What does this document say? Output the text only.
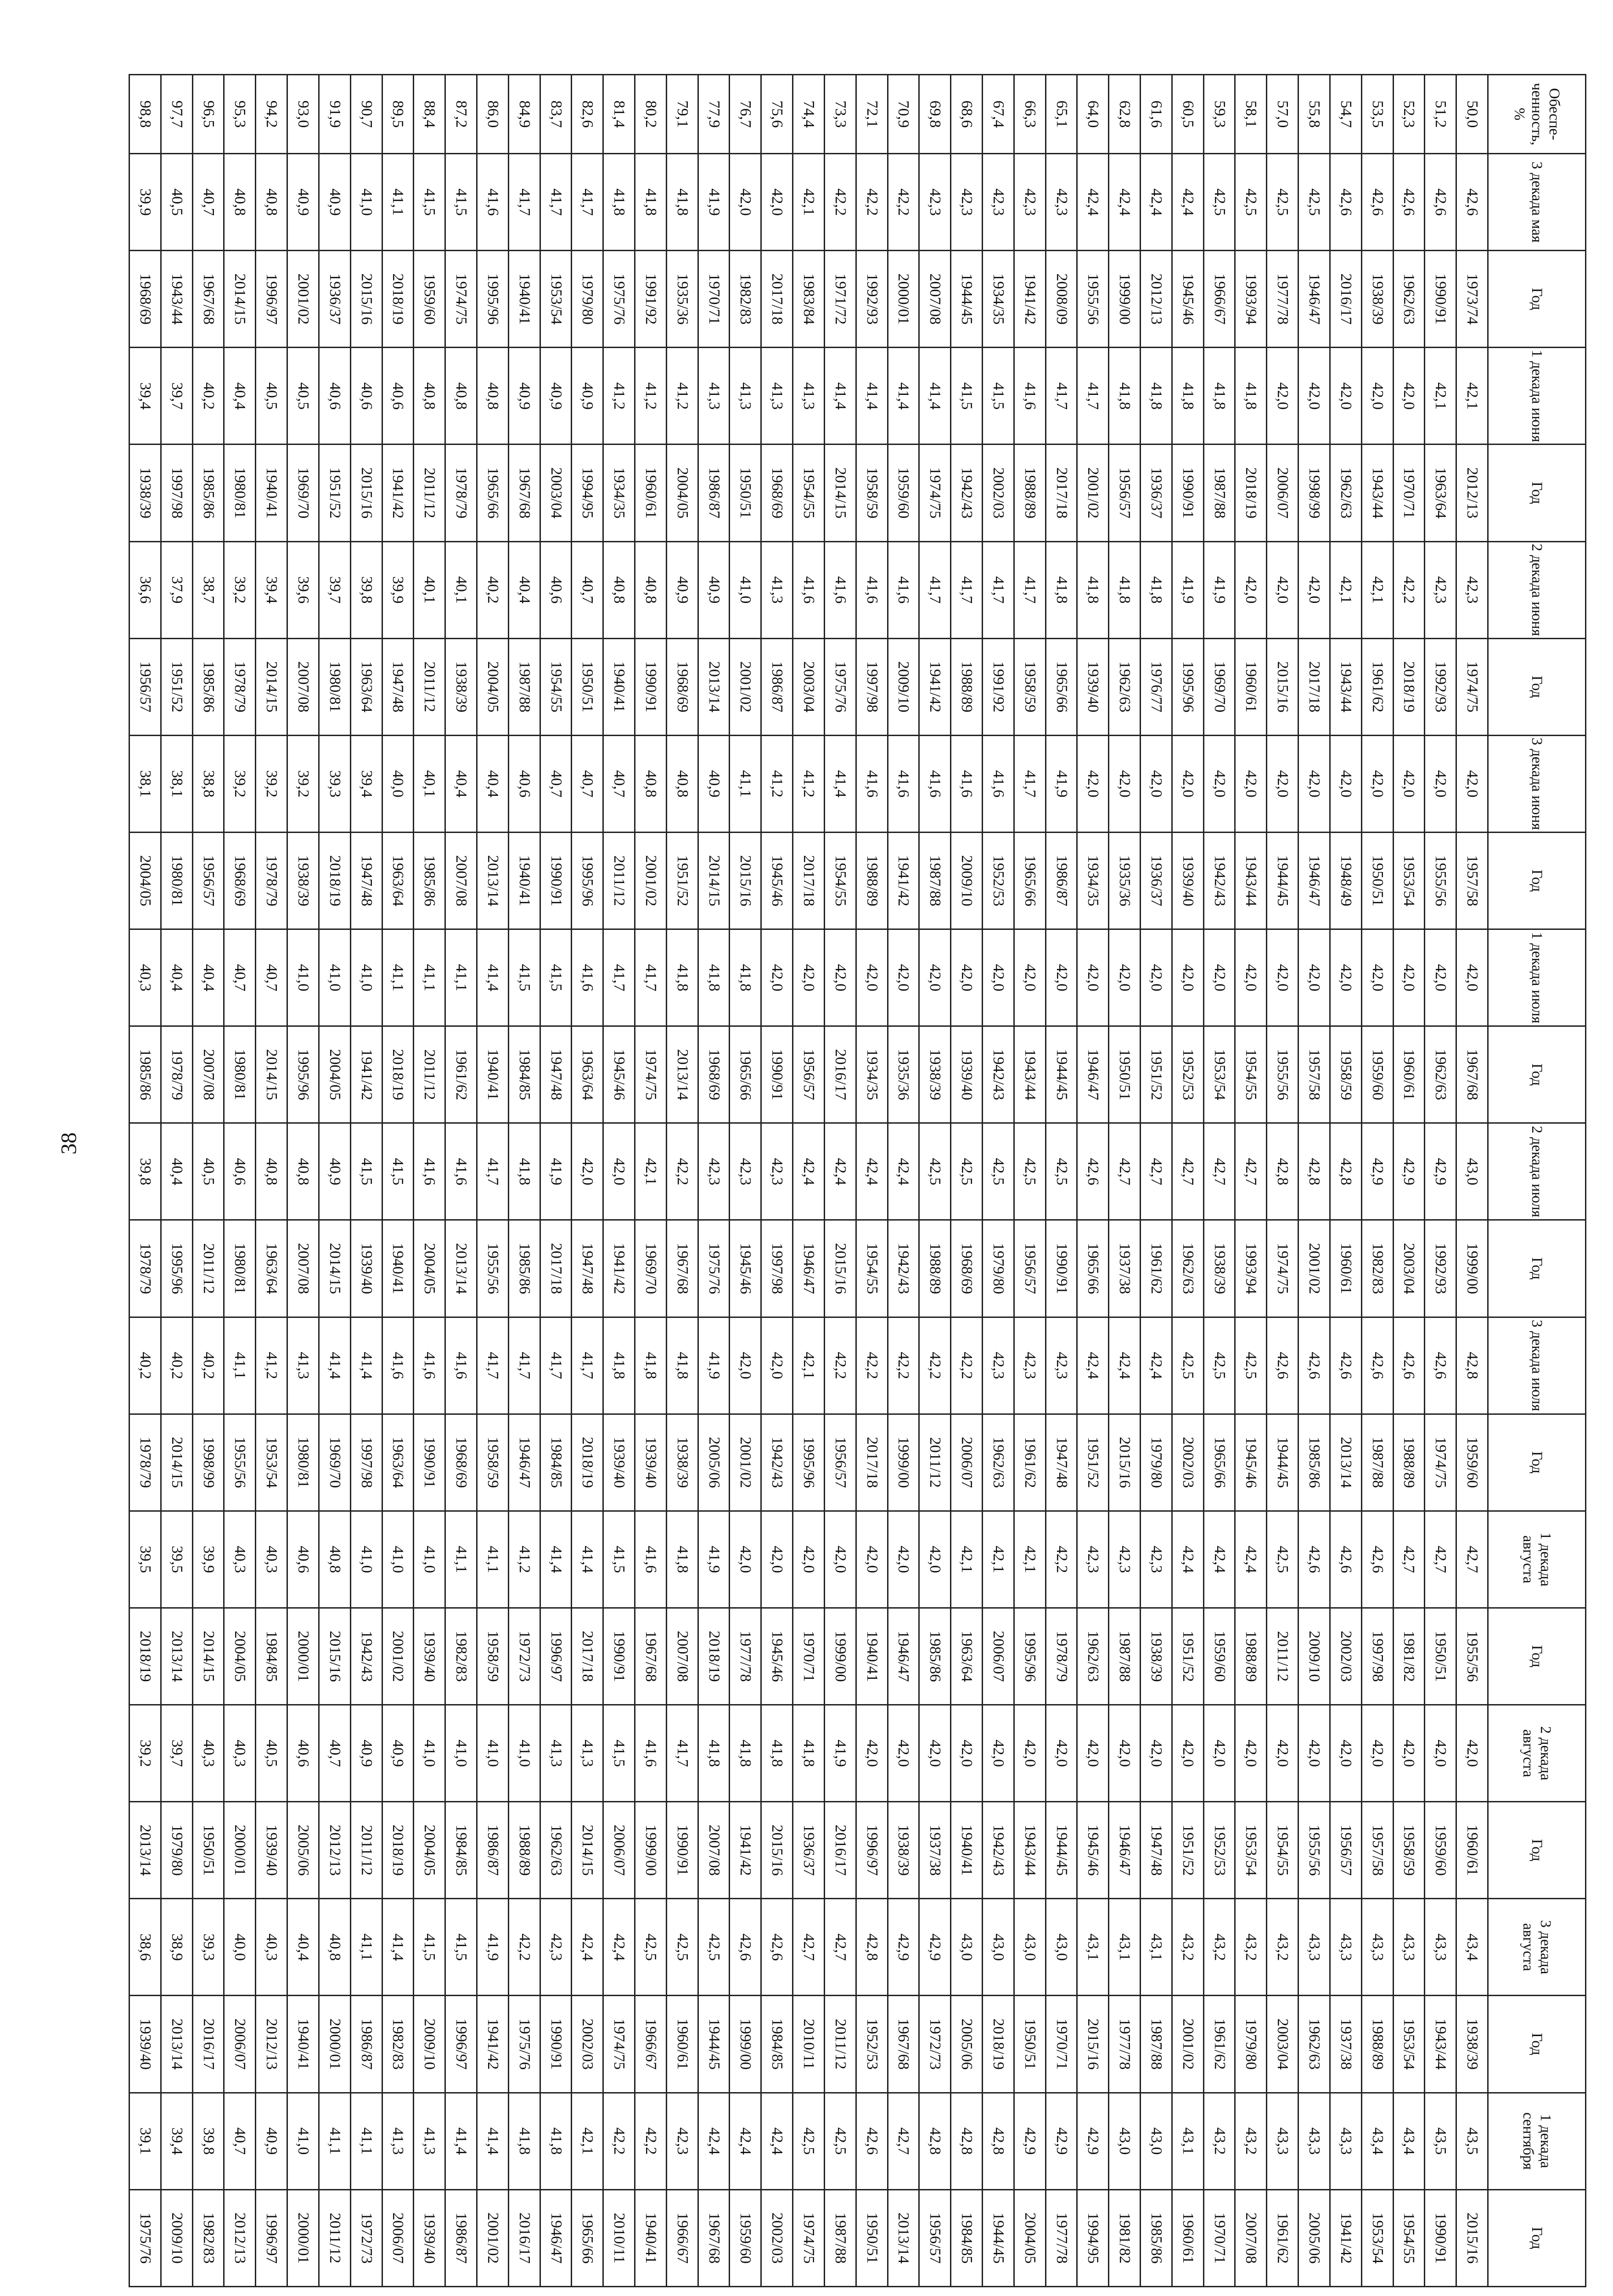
38
Обеспе-ченность, %	3 декада мая	Год	1 декада июня	Год	2 декада июня	Год	3 декада июня	Год	1 декада июля	Год	2 декада июля	Год	3 декада июля	Год	1 декада августа	Год	2 декада августа	Год	3 декада августа	Год	1 декада сентября	Год
50,0	42,6	1973/74	42,1	2012/13	42,3	1974/75	42,0	1957/58	42,0	1967/68	43,0	1999/00	42,8	1959/60	42,7	1955/56	42,0	1960/61	43,4	1938/39	43,5	2015/16
51,2	42,6	1990/91	42,1	1963/64	42,3	1992/93	42,0	1955/56	42,0	1962/63	42,9	1992/93	42,6	1974/75	42,7	1950/51	42,0	1959/60	43,3	1943/44	43,5	1990/91
52,3	42,6	1962/63	42,0	1970/71	42,2	2018/19	42,0	1953/54	42,0	1960/61	42,9	2003/04	42,6	1988/89	42,7	1981/82	42,0	1958/59	43,3	1953/54	43,4	1954/55
53,5	42,6	1938/39	42,0	1943/44	42,1	1961/62	42,0	1950/51	42,0	1959/60	42,9	1982/83	42,6	1987/88	42,6	1997/98	42,0	1957/58	43,3	1988/89	43,4	1953/54
54,7	42,6	2016/17	42,0	1962/63	42,1	1943/44	42,0	1948/49	42,0	1958/59	42,8	1960/61	42,6	2013/14	42,6	2002/03	42,0	1956/57	43,3	1937/38	43,3	1941/42
55,8	42,5	1946/47	42,0	1998/99	42,0	2017/18	42,0	1946/47	42,0	1957/58	42,8	2001/02	42,6	1985/86	42,6	2009/10	42,0	1955/56	43,3	1962/63	43,3	2005/06
57,0	42,5	1977/78	42,0	2006/07	42,0	2015/16	42,0	1944/45	42,0	1955/56	42,8	1974/75	42,6	1944/45	42,5	2011/12	42,0	1954/55	43,2	2003/04	43,3	1961/62
58,1	42,5	1993/94	41,8	2018/19	42,0	1960/61	42,0	1943/44	42,0	1954/55	42,7	1993/94	42,5	1945/46	42,4	1988/89	42,0	1953/54	43,2	1979/80	43,2	2007/08
59,3	42,5	1966/67	41,8	1987/88	41,9	1969/70	42,0	1942/43	42,0	1953/54	42,7	1938/39	42,5	1965/66	42,4	1959/60	42,0	1952/53	43,2	1961/62	43,2	1970/71
60,5	42,4	1945/46	41,8	1990/91	41,9	1995/96	42,0	1939/40	42,0	1952/53	42,7	1962/63	42,5	2002/03	42,4	1951/52	42,0	1951/52	43,2	2001/02	43,1	1960/61
61,6	42,4	2012/13	41,8	1936/37	41,8	1976/77	42,0	1936/37	42,0	1951/52	42,7	1961/62	42,4	1979/80	42,3	1938/39	42,0	1947/48	43,1	1987/88	43,0	1985/86
62,8	42,4	1999/00	41,8	1956/57	41,8	1962/63	42,0	1935/36	42,0	1950/51	42,7	1937/38	42,4	2015/16	42,3	1987/88	42,0	1946/47	43,1	1977/78	43,0	1981/82
64,0	42,4	1955/56	41,7	2001/02	41,8	1939/40	42,0	1934/35	42,0	1946/47	42,6	1965/66	42,4	1951/52	42,3	1962/63	42,0	1945/46	43,1	2015/16	42,9	1994/95
65,1	42,3	2008/09	41,7	2017/18	41,8	1965/66	41,9	1986/87	42,0	1944/45	42,5	1990/91	42,3	1947/48	42,2	1978/79	42,0	1944/45	43,0	1970/71	42,9	1977/78
66,3	42,3	1941/42	41,6	1988/89	41,7	1958/59	41,7	1965/66	42,0	1943/44	42,5	1956/57	42,3	1961/62	42,1	1995/96	42,0	1943/44	43,0	1950/51	42,9	2004/05
67,4	42,3	1934/35	41,5	2002/03	41,7	1991/92	41,6	1952/53	42,0	1942/43	42,5	1979/80	42,3	1962/63	42,1	2006/07	42,0	1942/43	43,0	2018/19	42,8	1944/45
68,6	42,3	1944/45	41,5	1942/43	41,7	1988/89	41,6	2009/10	42,0	1939/40	42,5	1968/69	42,2	2006/07	42,1	1963/64	42,0	1940/41	43,0	2005/06	42,8	1984/85
69,8	42,3	2007/08	41,4	1974/75	41,7	1941/42	41,6	1987/88	42,0	1938/39	42,5	1988/89	42,2	2011/12	42,0	1985/86	42,0	1937/38	42,9	1972/73	42,8	1956/57
70,9	42,2	2000/01	41,4	1959/60	41,6	2009/10	41,6	1941/42	42,0	1935/36	42,4	1942/43	42,2	1999/00	42,0	1946/47	42,0	1938/39	42,9	1967/68	42,7	2013/14
72,1	42,2	1992/93	41,4	1958/59	41,6	1997/98	41,6	1988/89	42,0	1934/35	42,4	1954/55	42,2	2017/18	42,0	1940/41	42,0	1996/97	42,8	1952/53	42,6	1950/51
73,3	42,2	1971/72	41,4	2014/15	41,6	1975/76	41,4	1954/55	42,0	2016/17	42,4	2015/16	42,2	1956/57	42,0	1999/00	41,9	2016/17	42,7	2011/12	42,5	1987/88
74,4	42,1	1983/84	41,3	1954/55	41,6	2003/04	41,2	2017/18	42,0	1956/57	42,4	1946/47	42,1	1995/96	42,0	1970/71	41,8	1936/37	42,7	2010/11	42,5	1974/75
75,6	42,0	2017/18	41,3	1968/69	41,3	1986/87	41,2	1945/46	42,0	1990/91	42,3	1997/98	42,0	1942/43	42,0	1945/46	41,8	2015/16	42,6	1984/85	42,4	2002/03
76,7	42,0	1982/83	41,3	1950/51	41,0	2001/02	41,1	2015/16	41,8	1965/66	42,3	1945/46	42,0	2001/02	42,0	1977/78	41,8	1941/42	42,6	1999/00	42,4	1959/60
77,9	41,9	1970/71	41,3	1986/87	40,9	2013/14	40,9	2014/15	41,8	1968/69	42,3	1975/76	41,9	2005/06	41,9	2018/19	41,8	2007/08	42,5	1944/45	42,4	1967/68
79,1	41,8	1935/36	41,2	2004/05	40,9	1968/69	40,8	1951/52	41,8	2013/14	42,2	1967/68	41,8	1938/39	41,8	2007/08	41,7	1990/91	42,5	1960/61	42,3	1966/67
80,2	41,8	1991/92	41,2	1960/61	40,8	1990/91	40,8	2001/02	41,7	1974/75	42,1	1969/70	41,8	1939/40	41,6	1967/68	41,6	1999/00	42,5	1966/67	42,2	1940/41
81,4	41,8	1975/76	41,2	1934/35	40,8	1940/41	40,7	2011/12	41,7	1945/46	42,0	1941/42	41,8	1939/40	41,5	1990/91	41,5	2006/07	42,4	1974/75	42,2	2010/11
82,6	41,7	1979/80	40,9	1994/95	40,7	1950/51	40,7	1995/96	41,6	1963/64	42,0	1947/48	41,7	2018/19	41,4	2017/18	41,3	2014/15	42,4	2002/03	42,1	1965/66
83,7	41,7	1953/54	40,9	2003/04	40,6	1954/55	40,7	1990/91	41,5	1947/48	41,9	2017/18	41,7	1984/85	41,4	1996/97	41,3	1962/63	42,3	1990/91	41,8	1946/47
84,9	41,7	1940/41	40,9	1967/68	40,4	1987/88	40,6	1940/41	41,5	1984/85	41,8	1985/86	41,7	1946/47	41,2	1972/73	41,0	1988/89	42,2	1975/76	41,8	2016/17
86,0	41,6	1995/96	40,8	1965/66	40,2	2004/05	40,4	2013/14	41,4	1940/41	41,7	1955/56	41,7	1958/59	41,1	1958/59	41,0	1986/87	41,9	1941/42	41,4	2001/02
87,2	41,5	1974/75	40,8	1978/79	40,1	1938/39	40,4	2007/08	41,1	1961/62	41,6	2013/14	41,6	1968/69	41,1	1982/83	41,0	1984/85	41,5	1996/97	41,4	1986/87
88,4	41,5	1959/60	40,8	2011/12	40,1	2011/12	40,1	1985/86	41,1	2011/12	41,6	2004/05	41,6	1990/91	41,0	1939/40	41,0	2004/05	41,5	2009/10	41,3	1939/40
89,5	41,1	2018/19	40,6	1941/42	39,9	1947/48	40,0	1963/64	41,1	2018/19	41,5	1940/41	41,6	1963/64	41,0	2001/02	40,9	2018/19	41,4	1982/83	41,3	2006/07
90,7	41,0	2015/16	40,6	2015/16	39,8	1963/64	39,4	1947/48	41,0	1941/42	41,5	1939/40	41,4	1997/98	41,0	1942/43	40,9	2011/12	41,1	1986/87	41,1	1972/73
91,9	40,9	1936/37	40,6	1951/52	39,7	1980/81	39,3	2018/19	41,0	2004/05	40,9	2014/15	41,4	1969/70	40,8	2015/16	40,7	2012/13	40,8	2000/01	41,1	2011/12
93,0	40,9	2001/02	40,5	1969/70	39,6	2007/08	39,2	1938/39	41,0	1995/96	40,8	2007/08	41,3	1980/81	40,6	2000/01	40,6	2005/06	40,4	1940/41	41,0	2000/01
94,2	40,8	1996/97	40,5	1940/41	39,4	2014/15	39,2	1978/79	40,7	2014/15	40,8	1963/64	41,2	1953/54	40,3	1984/85	40,5	1939/40	40,3	2012/13	40,9	1996/97
95,3	40,8	2014/15	40,4	1980/81	39,2	1978/79	39,2	1968/69	40,7	1980/81	40,6	1980/81	41,1	1955/56	40,3	2004/05	40,3	2000/01	40,0	2006/07	40,7	2012/13
96,5	40,7	1967/68	40,2	1985/86	38,7	1985/86	38,8	1956/57	40,4	2007/08	40,5	2011/12	40,2	1998/99	39,9	2014/15	40,3	1950/51	39,3	2016/17	39,8	1982/83
97,7	40,5	1943/44	39,7	1997/98	37,9	1951/52	38,1	1980/81	40,4	1978/79	40,4	1995/96	40,2	2014/15	39,5	2013/14	39,7	1979/80	38,9	2013/14	39,4	2009/10
98,8	39,9	1968/69	39,4	1938/39	36,6	1956/57	38,1	2004/05	40,3	1985/86	39,8	1978/79	40,2	1978/79	39,5	2018/19	39,2	2013/14	38,6	1939/40	39,1	1975/76
